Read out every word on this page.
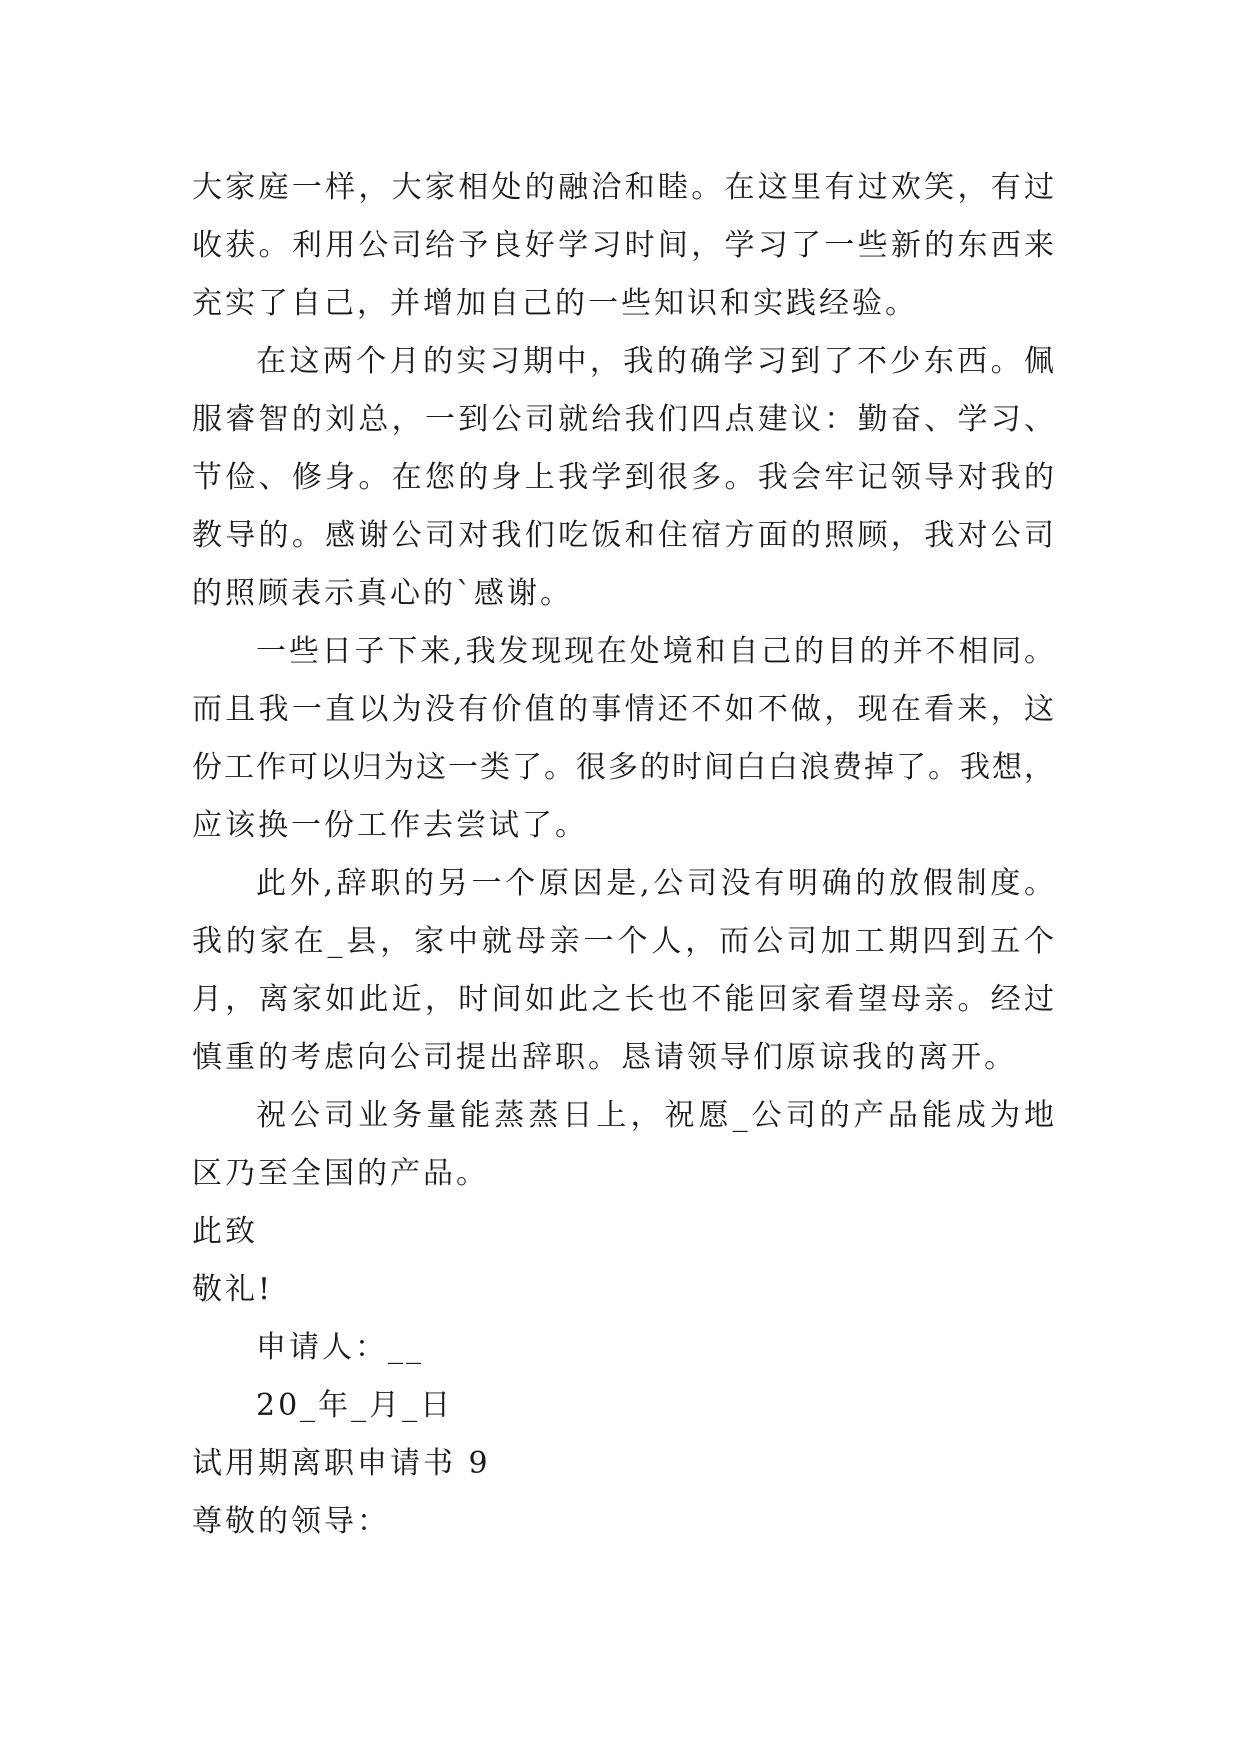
大家庭一样，大家相处的融洽和睦。在这里有过欢笑，有过
收获。利用公司给予良好学习时间，学习了一些新的东西来
充实了自己，并增加自己的一些知识和实践经验。
在这两个月的实习期中，我的确学习到了不少东西。佩
服睿智的刘总，一到公司就给我们四点建议：勤奋、学习、
节俭、修身。在您的身上我学到很多。我会牢记领导对我的
教导的。感谢公司对我们吃饭和住宿方面的照顾，我对公司
的照顾表示真心的`感谢。
一些日子下来,我发现现在处境和自己的目的并不相同。
而且我一直以为没有价值的事情还不如不做，现在看来，这
份工作可以归为这一类了。很多的时间白白浪费掉了。我想，
应该换一份工作去尝试了。
此外,辞职的另一个原因是,公司没有明确的放假制度。
我的家在_县，家中就母亲一个人，而公司加工期四到五个
月，离家如此近，时间如此之长也不能回家看望母亲。经过
慎重的考虑向公司提出辞职。恳请领导们原谅我的离开。
祝公司业务量能蒸蒸日上，祝愿_公司的产品能成为地
区乃至全国的产品。
此致
敬礼!
申请人：__
20_年_月_日
试用期离职申请书 9
尊敬的领导：
